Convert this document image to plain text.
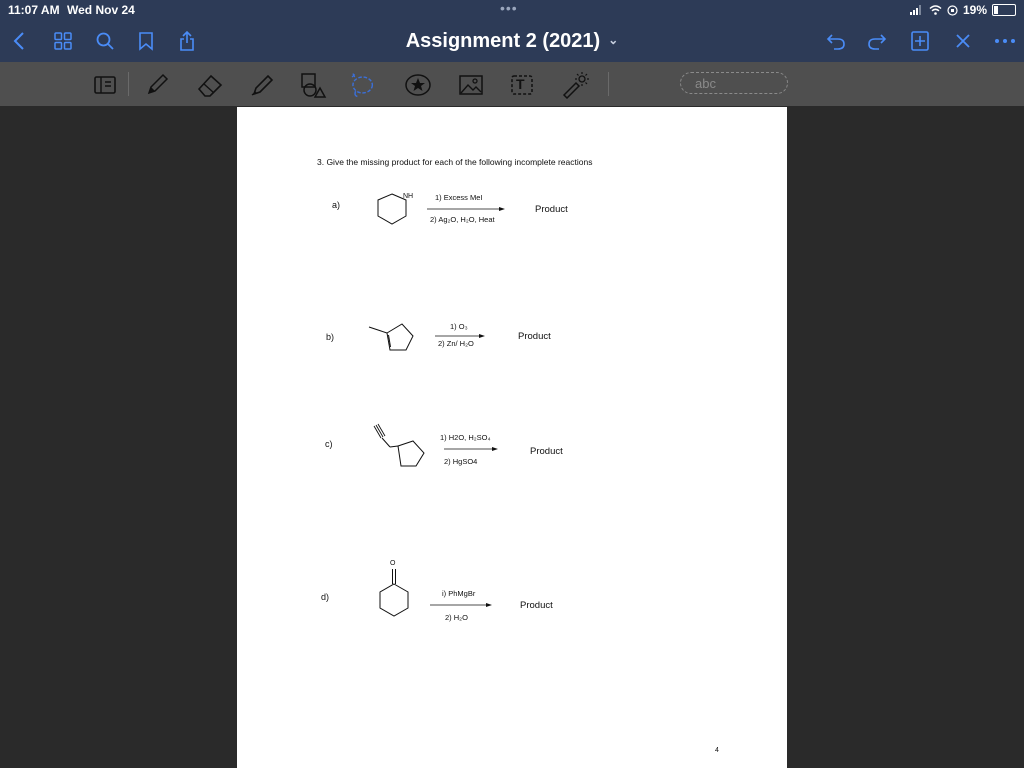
11:07 AM Wed Nov 24	•••	19%
Assignment 2 (2021) ⌄
T	abc
3. Give the missing product for each of the following incomplete reactions
a)
NH	1) Excess MeI
2) Ag₂O, H₂O, Heat
Product
b)
1) O₃
2) Zn/ H₂O
Product
c)
1) H2O, H₂SO₄
2) HgSO4
Product
d)
O
i) PhMgBr
2) H₂O
Product
4
